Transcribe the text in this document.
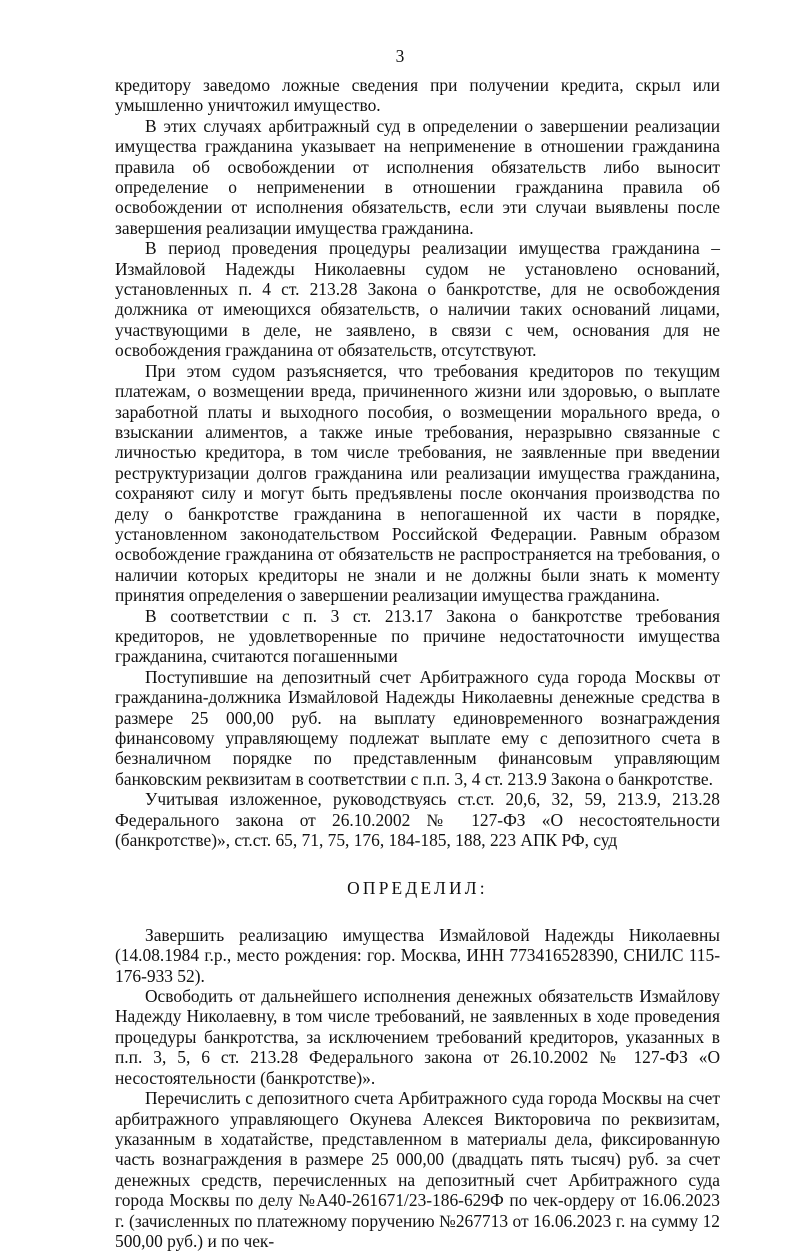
3

кредитору заведомо ложные сведения при получении кредита, скрыл или умышленно уничтожил имущество.

В этих случаях арбитражный суд в определении о завершении реализации имущества гражданина указывает на неприменение в отношении гражданина правила об освобождении от исполнения обязательств либо выносит определение о неприменении в отношении гражданина правила об освобождении от исполнения обязательств, если эти случаи выявлены после завершения реализации имущества гражданина.

В период проведения процедуры реализации имущества гражданина – Измайловой Надежды Николаевны судом не установлено оснований, установленных п. 4 ст. 213.28 Закона о банкротстве, для не освобождения должника от имеющихся обязательств, о наличии таких оснований лицами, участвующими в деле, не заявлено, в связи с чем, основания для не освобождения гражданина от обязательств, отсутствуют.

При этом судом разъясняется, что требования кредиторов по текущим платежам, о возмещении вреда, причиненного жизни или здоровью, о выплате заработной платы и выходного пособия, о возмещении морального вреда, о взыскании алиментов, а также иные требования, неразрывно связанные с личностью кредитора, в том числе требования, не заявленные при введении реструктуризации долгов гражданина или реализации имущества гражданина, сохраняют силу и могут быть предъявлены после окончания производства по делу о банкротстве гражданина в непогашенной их части в порядке, установленном законодательством Российской Федерации. Равным образом освобождение гражданина от обязательств не распространяется на требования, о наличии которых кредиторы не знали и не должны были знать к моменту принятия определения о завершении реализации имущества гражданина.

В соответствии с п. 3 ст. 213.17 Закона о банкротстве требования кредиторов, не удовлетворенные по причине недостаточности имущества гражданина, считаются погашенными

Поступившие на депозитный счет Арбитражного суда города Москвы от гражданина-должника Измайловой Надежды Николаевны денежные средства в размере 25 000,00 руб. на выплату единовременного вознаграждения финансовому управляющему подлежат выплате ему с депозитного счета в безналичном порядке по представленным финансовым управляющим банковским реквизитам в соответствии с п.п. 3, 4 ст. 213.9 Закона о банкротстве.

Учитывая изложенное, руководствуясь ст.ст. 20,6, 32, 59, 213.9, 213.28 Федерального закона от 26.10.2002 № 127-ФЗ «О несостоятельности (банкротстве)», ст.ст. 65, 71, 75, 176, 184-185, 188, 223 АПК РФ, суд

ОПРЕДЕЛИЛ:

Завершить реализацию имущества Измайловой Надежды Николаевны (14.08.1984 г.р., место рождения: гор. Москва, ИНН 773416528390, СНИЛС 115-176-933 52).

Освободить от дальнейшего исполнения денежных обязательств Измайлову Надежду Николаевну, в том числе требований, не заявленных в ходе проведения процедуры банкротства, за исключением требований кредиторов, указанных в п.п. 3, 5, 6 ст. 213.28 Федерального закона от 26.10.2002 № 127-ФЗ «О несостоятельности (банкротстве)».

Перечислить с депозитного счета Арбитражного суда города Москвы на счет арбитражного управляющего Окунева Алексея Викторовича по реквизитам, указанным в ходатайстве, представленном в материалы дела, фиксированную часть вознаграждения в размере 25 000,00 (двадцать пять тысяч) руб. за счет денежных средств, перечисленных на депозитный счет Арбитражного суда города Москвы по делу №А40-261671/23-186-629Ф по чек-ордеру от 16.06.2023 г. (зачисленных по платежному поручению №267713 от 16.06.2023 г. на сумму 12 500,00 руб.) и по чек-
